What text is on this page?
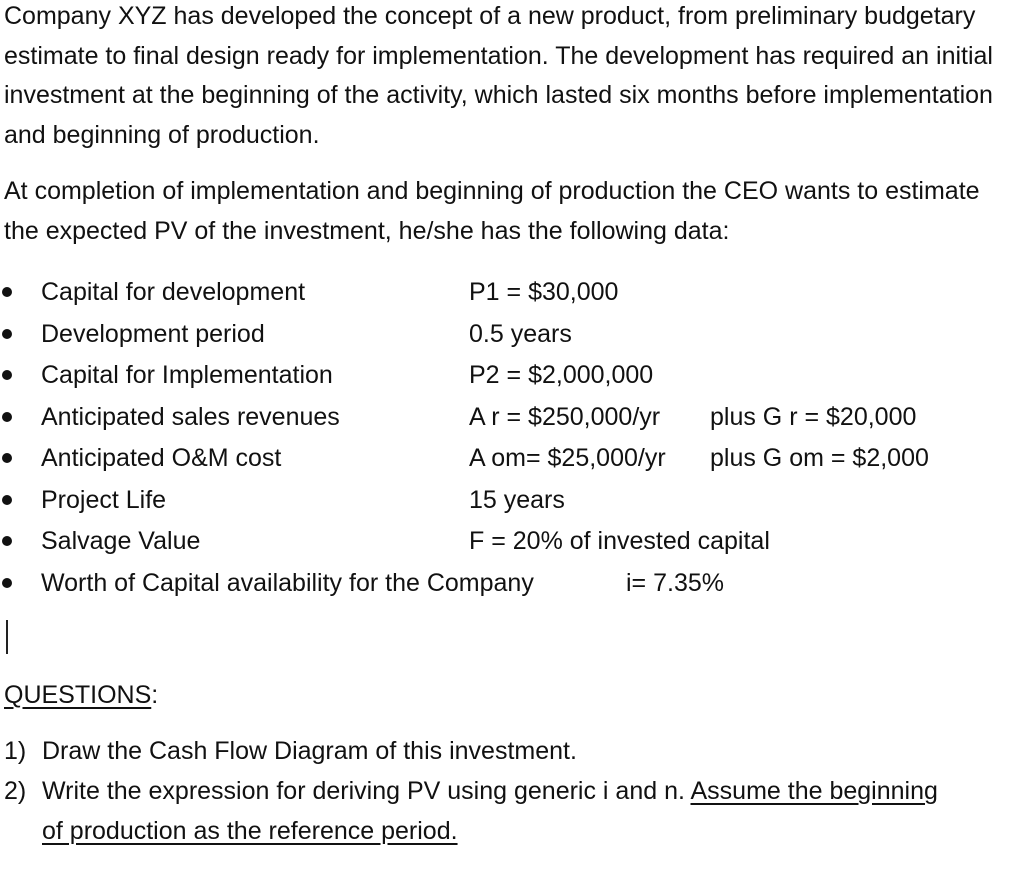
Company XYZ has developed the concept of a new product, from preliminary budgetary estimate to final design ready for implementation. The development has required an initial investment at the beginning of the activity, which lasted six months before implementation and beginning of production.

At completion of implementation and beginning of production the CEO wants to estimate the expected PV of the investment, he/she has the following data:

Capital for development	P1 = $30,000
Development period	0.5 years
Capital for Implementation	P2 = $2,000,000
Anticipated sales revenues	A r = $250,000/yr plus G r = $20,000
Anticipated O&M cost	A om= $25,000/yr plus G om = $2,000
Project Life	15 years
Salvage Value	F = 20% of invested capital
Worth of Capital availability for the Company	i= 7.35%
QUESTIONS:
1) Draw the Cash Flow Diagram of this investment.
2) Write the expression for deriving PV using generic i and n. Assume the beginning of production as the reference period.
